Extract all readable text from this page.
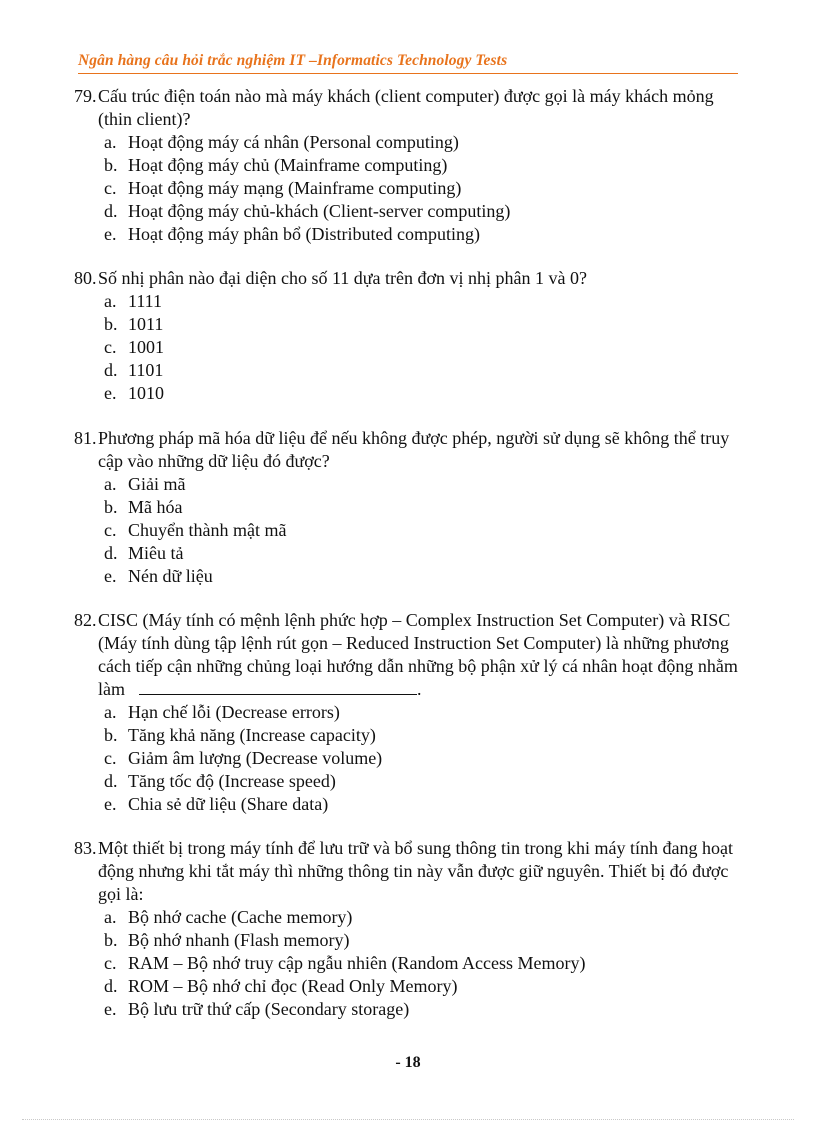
Ngân hàng câu hỏi trắc nghiệm IT –Informatics Technology Tests
79. Cấu trúc điện toán nào mà máy khách (client computer) được gọi là máy khách mỏng (thin client)?
a. Hoạt động máy cá nhân (Personal computing)
b. Hoạt động máy chủ (Mainframe computing)
c. Hoạt động máy mạng (Mainframe computing)
d. Hoạt động máy chủ-khách (Client-server computing)
e. Hoạt động máy phân bổ (Distributed computing)
80. Số nhị phân nào đại diện cho số 11 dựa trên đơn vị nhị phân 1 và 0?
a. 1111
b. 1011
c. 1001
d. 1101
e. 1010
81. Phương pháp mã hóa dữ liệu để nếu không được phép, người sử dụng sẽ không thể truy cập vào những dữ liệu đó được?
a. Giải mã
b. Mã hóa
c. Chuyển thành mật mã
d. Miêu tả
e. Nén dữ liệu
82. CISC (Máy tính có mệnh lệnh phức hợp – Complex Instruction Set Computer) và RISC (Máy tính dùng tập lệnh rút gọn – Reduced Instruction Set Computer) là những phương cách tiếp cận những chủng loại hướng dẫn những bộ phận xử lý cá nhân hoạt động nhằm làm	.
a. Hạn chế lỗi (Decrease errors)
b. Tăng khả năng (Increase capacity)
c. Giảm âm lượng (Decrease volume)
d. Tăng tốc độ (Increase speed)
e. Chia sẻ dữ liệu (Share data)
83. Một thiết bị trong máy tính để lưu trữ và bổ sung thông tin trong khi máy tính đang hoạt động nhưng khi tắt máy thì những thông tin này vẫn được giữ nguyên. Thiết bị đó được gọi là:
a. Bộ nhớ cache (Cache memory)
b. Bộ nhớ nhanh (Flash memory)
c. RAM – Bộ nhớ truy cập ngẫu nhiên (Random Access Memory)
d. ROM – Bộ nhớ chỉ đọc (Read Only Memory)
e. Bộ lưu trữ thứ cấp (Secondary storage)
- 18
